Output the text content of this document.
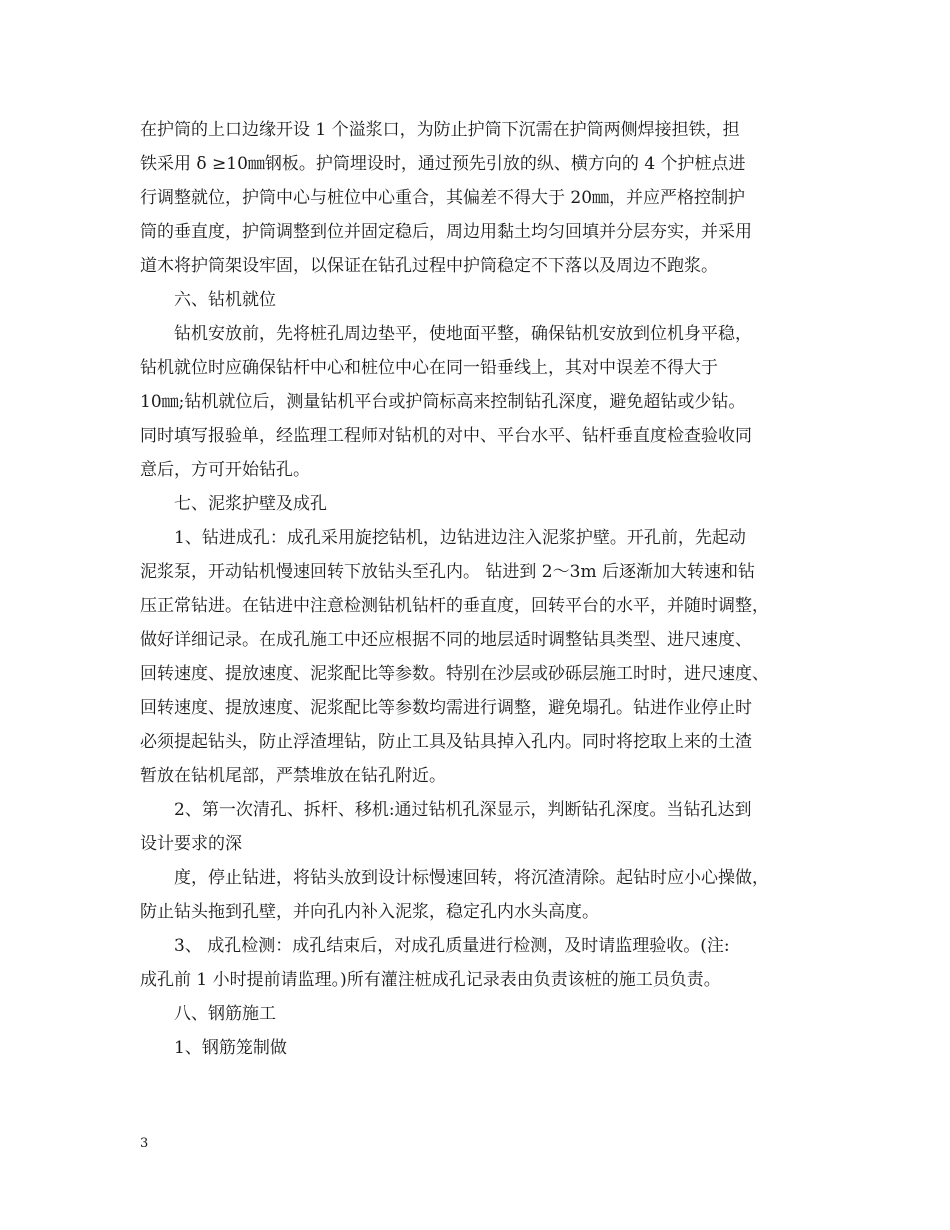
在护筒的上口边缘开设 1 个溢浆口，为防止护筒下沉需在护筒两侧焊接担铁，担
铁采用 δ ≥10㎜钢板。护筒埋设时，通过预先引放的纵、横方向的 4 个护桩点进
行调整就位，护筒中心与桩位中心重合，其偏差不得大于 20㎜，并应严格控制护
筒的垂直度，护筒调整到位并固定稳后，周边用黏土均匀回填并分层夯实，并采用
道木将护筒架设牢固，以保证在钻孔过程中护筒稳定不下落以及周边不跑浆。
六、钻机就位
钻机安放前，先将桩孔周边垫平，使地面平整，确保钻机安放到位机身平稳，
钻机就位时应确保钻杆中心和桩位中心在同一铅垂线上，其对中误差不得大于
10㎜;钻机就位后，测量钻机平台或护筒标高来控制钻孔深度，避免超钻或少钻。
同时填写报验单，经监理工程师对钻机的对中、平台水平、钻杆垂直度检查验收同
意后，方可开始钻孔。
七、泥浆护壁及成孔
1、钻进成孔：成孔采用旋挖钻机，边钻进边注入泥浆护壁。开孔前，先起动
泥浆泵，开动钻机慢速回转下放钻头至孔内。 钻进到 2～3m 后逐渐加大转速和钻
压正常钻进。在钻进中注意检测钻机钻杆的垂直度，回转平台的水平，并随时调整，
做好详细记录。在成孔施工中还应根据不同的地层适时调整钻具类型、进尺速度、
回转速度、提放速度、泥浆配比等参数。特别在沙层或砂砾层施工时时，进尺速度、
回转速度、提放速度、泥浆配比等参数均需进行调整，避免塌孔。钻进作业停止时
必须提起钻头，防止浮渣埋钻，防止工具及钻具掉入孔内。同时将挖取上来的土渣
暂放在钻机尾部，严禁堆放在钻孔附近。
2、第一次清孔、拆杆、移机:通过钻机孔深显示，判断钻孔深度。当钻孔达到
设计要求的深
度，停止钻进，将钻头放到设计标慢速回转，将沉渣清除。起钻时应小心操做，
防止钻头拖到孔壁，并向孔内补入泥浆，稳定孔内水头高度。
3、 成孔检测：成孔结束后，对成孔质量进行检测，及时请监理验收。(注:
成孔前 1 小时提前请监理。)所有灌注桩成孔记录表由负责该桩的施工员负责。
八、钢筋施工
1、钢筋笼制做
3
